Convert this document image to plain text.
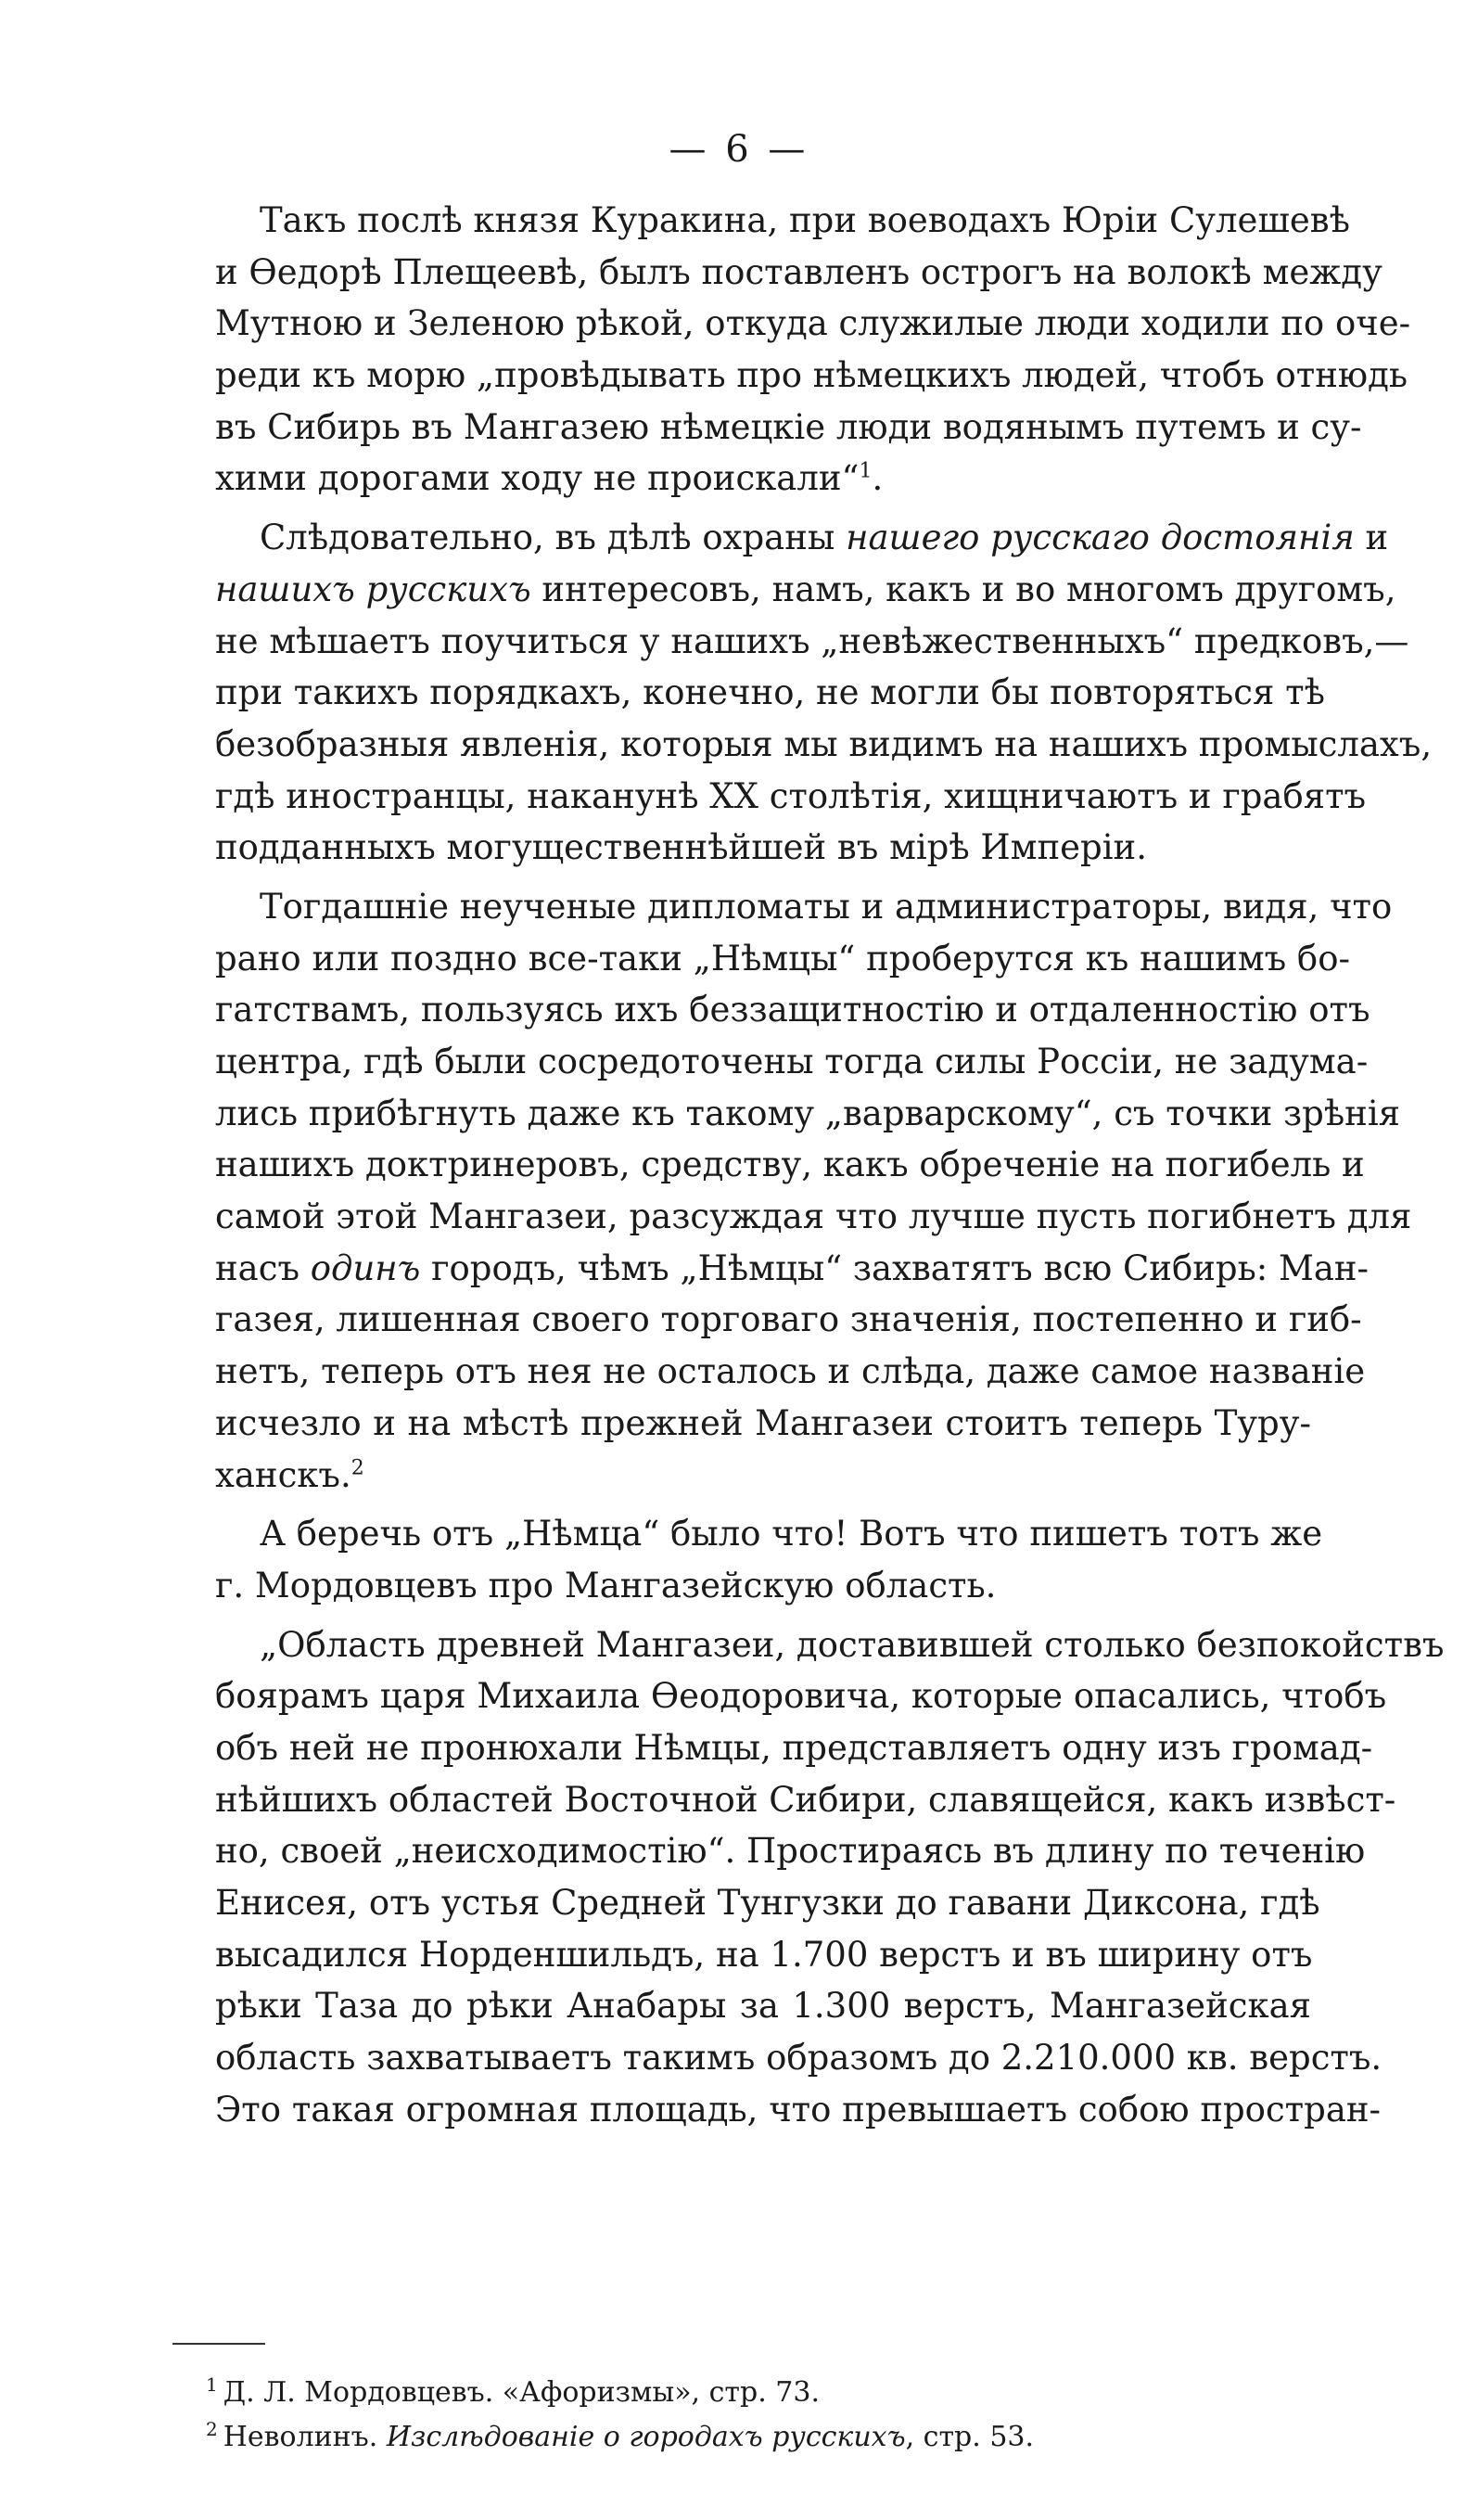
— 6 —
Такъ послѣ князя Куракина, при воеводахъ Юріи Сулешевѣ
и Ѳедорѣ Плещеевѣ, былъ поставленъ острогъ на волокѣ между
Мутною и Зеленою рѣкой, откуда служилые люди ходили по оче-
реди къ морю „провѣдывать про нѣмецкихъ людей, чтобъ отнюдь
въ Сибирь въ Мангазею нѣмецкіе люди водянымъ путемъ и су-
хими дорогами ходу не проискали“$^1$.
Слѣдовательно, въ дѣлѣ охраны нашего русскаго достоянія и
нашихъ русскихъ интересовъ, намъ, какъ и во многомъ другомъ,
не мѣшаетъ поучиться у нашихъ „невѣжественныхъ“ предковъ,—
при такихъ порядкахъ, конечно, не могли бы повторяться тѣ
безобразныя явленія, которыя мы видимъ на нашихъ промыслахъ,
гдѣ иностранцы, наканунѣ XX столѣтія, хищничаютъ и грабятъ
подданныхъ могущественнѣйшей въ мірѣ Имперіи.
Тогдашніе неученые дипломаты и администраторы, видя, что
рано или поздно все-таки „Нѣмцы“ проберутся къ нашимъ бо-
гатствамъ, пользуясь ихъ беззащитностію и отдаленностію отъ
центра, гдѣ были сосредоточены тогда силы Россіи, не задума-
лись прибѣгнуть даже къ такому „варварскому“, съ точки зрѣнія
нашихъ доктринеровъ, средству, какъ обреченіе на погибель и
самой этой Мангазеи, разсуждая что лучше пусть погибнетъ для
насъ одинъ городъ, чѣмъ „Нѣмцы“ захватятъ всю Сибирь: Ман-
газея, лишенная своего торговаго значенія, постепенно и гиб-
нетъ, теперь отъ нея не осталось и слѣда, даже самое названіе
исчезло и на мѣстѣ прежней Мангазеи стоитъ теперь Туру-
ханскъ.$^2$
А беречь отъ „Нѣмца“ было что! Вотъ что пишетъ тотъ же
г. Мордовцевъ про Мангазейскую область.
„Область древней Мангазеи, доставившей столько безпокойствъ
боярамъ царя Михаила Ѳеодоровича, которые опасались, чтобъ
объ ней не пронюхали Нѣмцы, представляетъ одну изъ громад-
нѣйшихъ областей Восточной Сибири, славящейся, какъ извѣст-
но, своей „неисходимостію“. Простираясь въ длину по теченію
Енисея, отъ устья Средней Тунгузки до гавани Диксона, гдѣ
высадился Норденшильдъ, на 1.700 верстъ и въ ширину отъ
рѣки Таза до рѣки Анабары за 1.300 верстъ, Мангазейская
область захватываетъ такимъ образомъ до 2.210.000 кв. верстъ.
Это такая огромная площадь, что превышаетъ собою простран-
$^1$ Д. Л. Мордовцевъ. «Афоризмы», стр. 73.
$^2$ Неволинъ. Изслѣдованіе о городахъ русскихъ, стр. 53.
